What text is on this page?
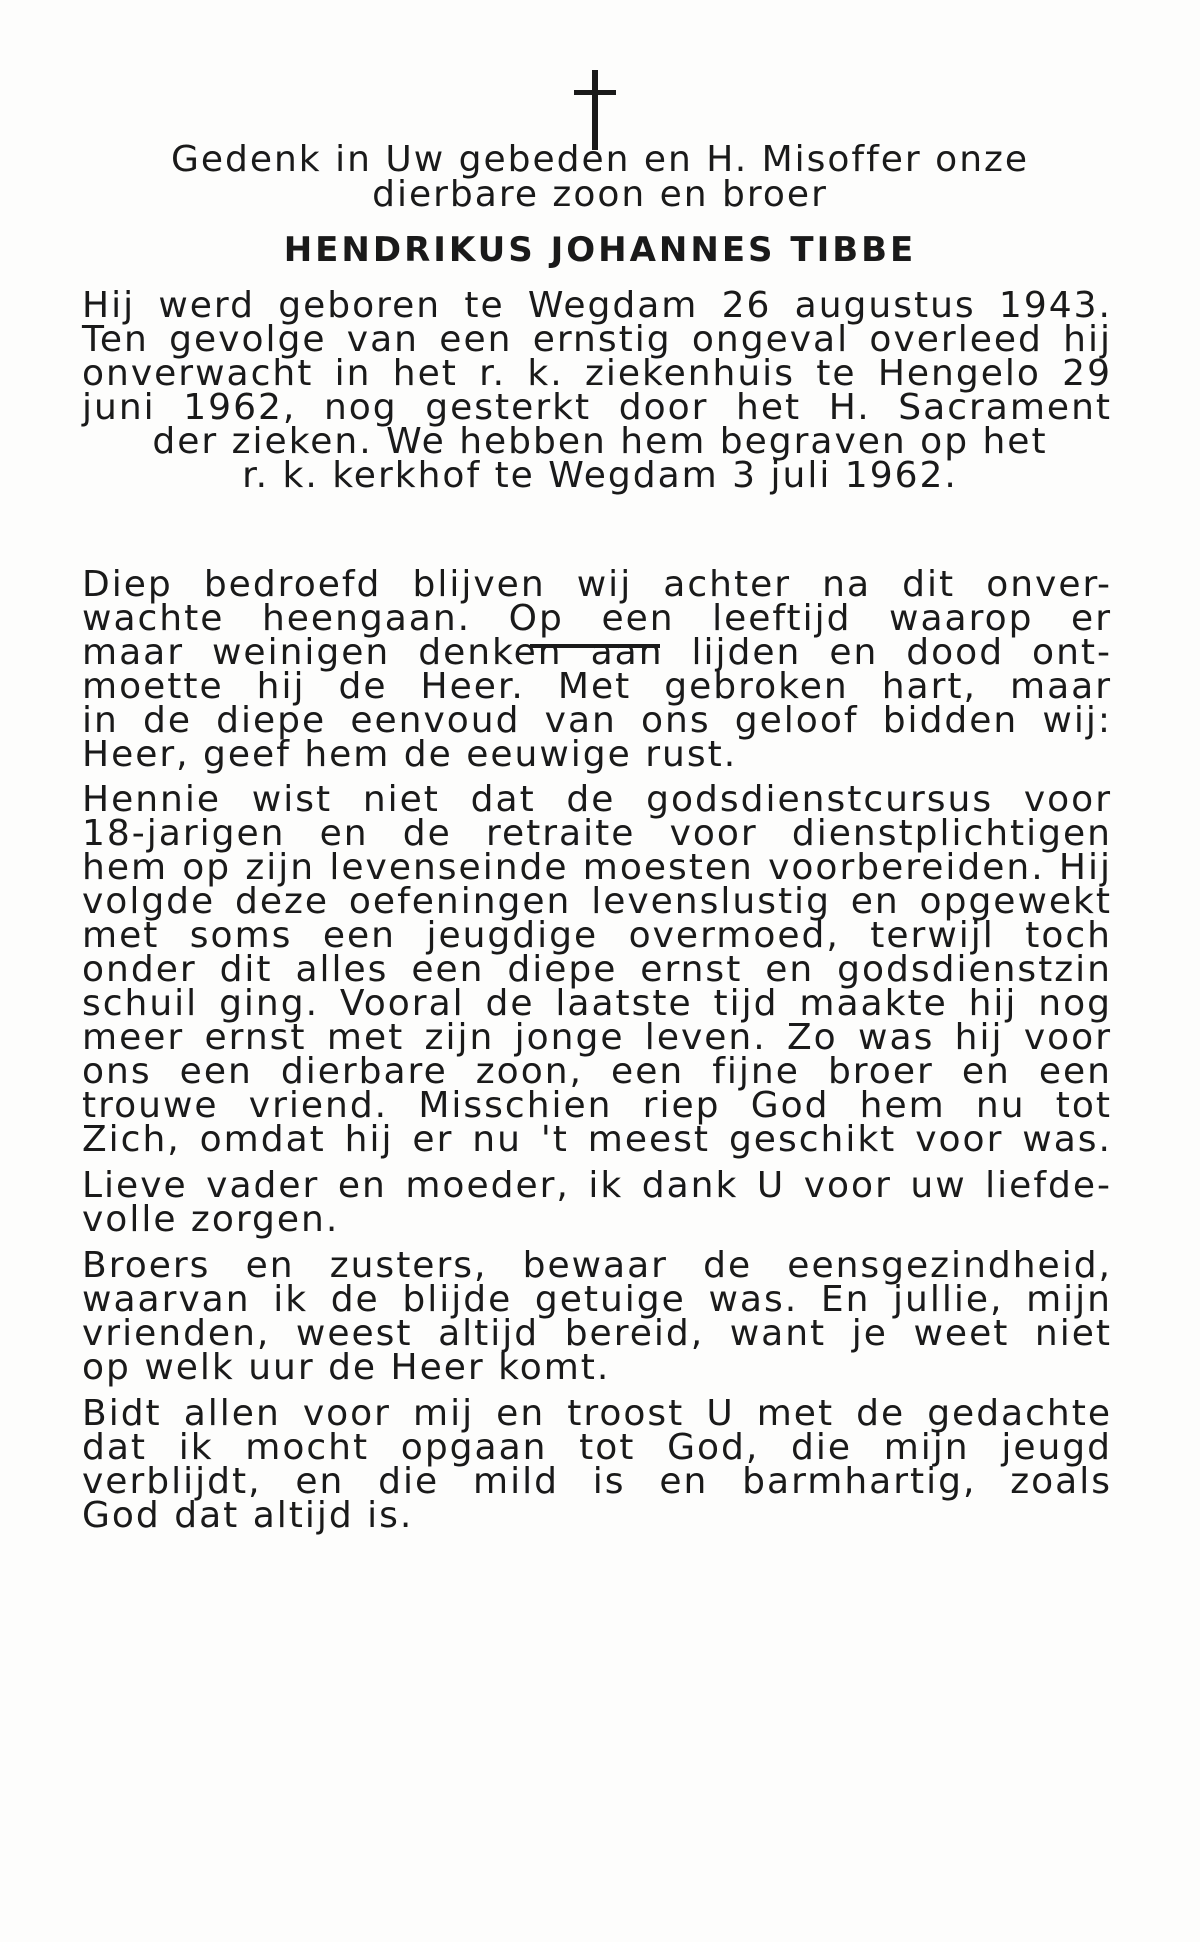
Gedenk in Uw gebeden en H. Misoffer onze
dierbare zoon en broer
HENDRIKUS JOHANNES TIBBE
Hij werd geboren te Wegdam 26 augustus 1943.
Ten gevolge van een ernstig ongeval overleed hij
onverwacht in het r. k. ziekenhuis te Hengelo 29
juni 1962, nog gesterkt door het H. Sacrament
der zieken. We hebben hem begraven op het
r. k. kerkhof te Wegdam 3 juli 1962.
Diep bedroefd blijven wij achter na dit onver-
wachte heengaan. Op een leeftijd waarop er
maar weinigen denken aan lijden en dood ont-
moette hij de Heer. Met gebroken hart, maar
in de diepe eenvoud van ons geloof bidden wij:
Heer, geef hem de eeuwige rust.
Hennie wist niet dat de godsdienstcursus voor
18-jarigen en de retraite voor dienstplichtigen
hem op zijn levenseinde moesten voorbereiden. Hij
volgde deze oefeningen levenslustig en opgewekt
met soms een jeugdige overmoed, terwijl toch
onder dit alles een diepe ernst en godsdienstzin
schuil ging. Vooral de laatste tijd maakte hij nog
meer ernst met zijn jonge leven. Zo was hij voor
ons een dierbare zoon, een fijne broer en een
trouwe vriend. Misschien riep God hem nu tot
Zich, omdat hij er nu 't meest geschikt voor was.
Lieve vader en moeder, ik dank U voor uw liefde-
volle zorgen.
Broers en zusters, bewaar de eensgezindheid,
waarvan ik de blijde getuige was. En jullie, mijn
vrienden, weest altijd bereid, want je weet niet
op welk uur de Heer komt.
Bidt allen voor mij en troost U met de gedachte
dat ik mocht opgaan tot God, die mijn jeugd
verblijdt, en die mild is en barmhartig, zoals
God dat altijd is.
